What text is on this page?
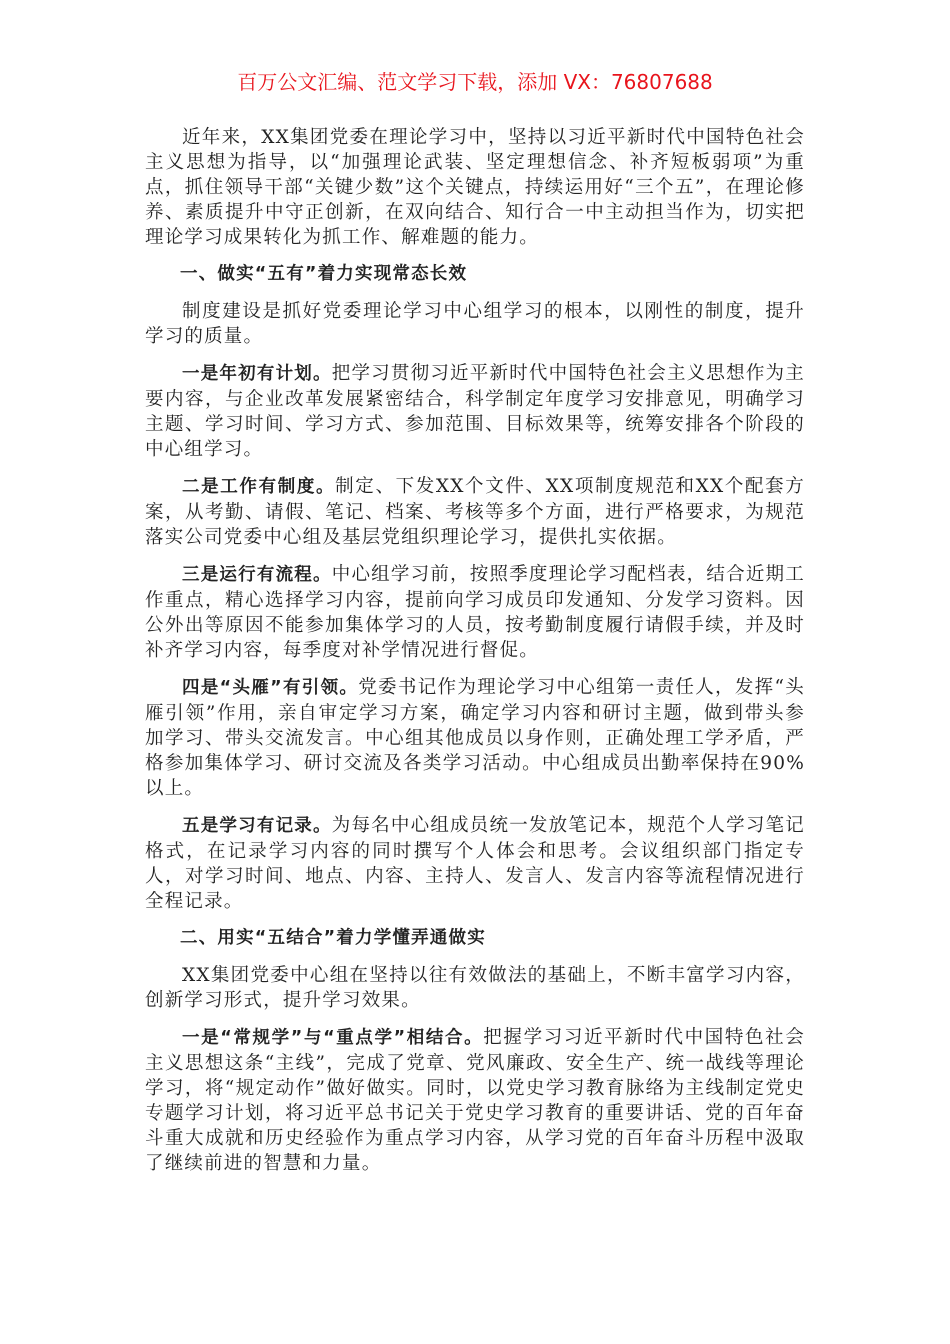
百万公文汇编、范文学习下载，添加 VX：76807688

近年来，XX集团党委在理论学习中，坚持以习近平新时代中国特色社会主义思想为指导，以“加强理论武装、坚定理想信念、补齐短板弱项”为重点，抓住领导干部“关键少数”这个关键点，持续运用好“三个五”，在理论修养、素质提升中守正创新，在双向结合、知行合一中主动担当作为，切实把理论学习成果转化为抓工作、解难题的能力。

一、做实“五有”着力实现常态长效

制度建设是抓好党委理论学习中心组学习的根本，以刚性的制度，提升学习的质量。

一是年初有计划。把学习贯彻习近平新时代中国特色社会主义思想作为主要内容，与企业改革发展紧密结合，科学制定年度学习安排意见，明确学习主题、学习时间、学习方式、参加范围、目标效果等，统筹安排各个阶段的中心组学习。

二是工作有制度。制定、下发XX个文件、XX项制度规范和XX个配套方案，从考勤、请假、笔记、档案、考核等多个方面，进行严格要求，为规范落实公司党委中心组及基层党组织理论学习，提供扎实依据。

三是运行有流程。中心组学习前，按照季度理论学习配档表，结合近期工作重点，精心选择学习内容，提前向学习成员印发通知、分发学习资料。因公外出等原因不能参加集体学习的人员，按考勤制度履行请假手续，并及时补齐学习内容，每季度对补学情况进行督促。

四是“头雁”有引领。党委书记作为理论学习中心组第一责任人，发挥“头雁引领”作用，亲自审定学习方案，确定学习内容和研讨主题，做到带头参加学习、带头交流发言。中心组其他成员以身作则，正确处理工学矛盾，严格参加集体学习、研讨交流及各类学习活动。中心组成员出勤率保持在90%以上。

五是学习有记录。为每名中心组成员统一发放笔记本，规范个人学习笔记格式，在记录学习内容的同时撰写个人体会和思考。会议组织部门指定专人，对学习时间、地点、内容、主持人、发言人、发言内容等流程情况进行全程记录。

二、用实“五结合”着力学懂弄通做实

XX集团党委中心组在坚持以往有效做法的基础上，不断丰富学习内容，创新学习形式，提升学习效果。

一是“常规学”与“重点学”相结合。把握学习习近平新时代中国特色社会主义思想这条“主线”，完成了党章、党风廉政、安全生产、统一战线等理论学习，将“规定动作”做好做实。同时，以党史学习教育脉络为主线制定党史专题学习计划，将习近平总书记关于党史学习教育的重要讲话、党的百年奋斗重大成就和历史经验作为重点学习内容，从学习党的百年奋斗历程中汲取了继续前进的智慧和力量。
